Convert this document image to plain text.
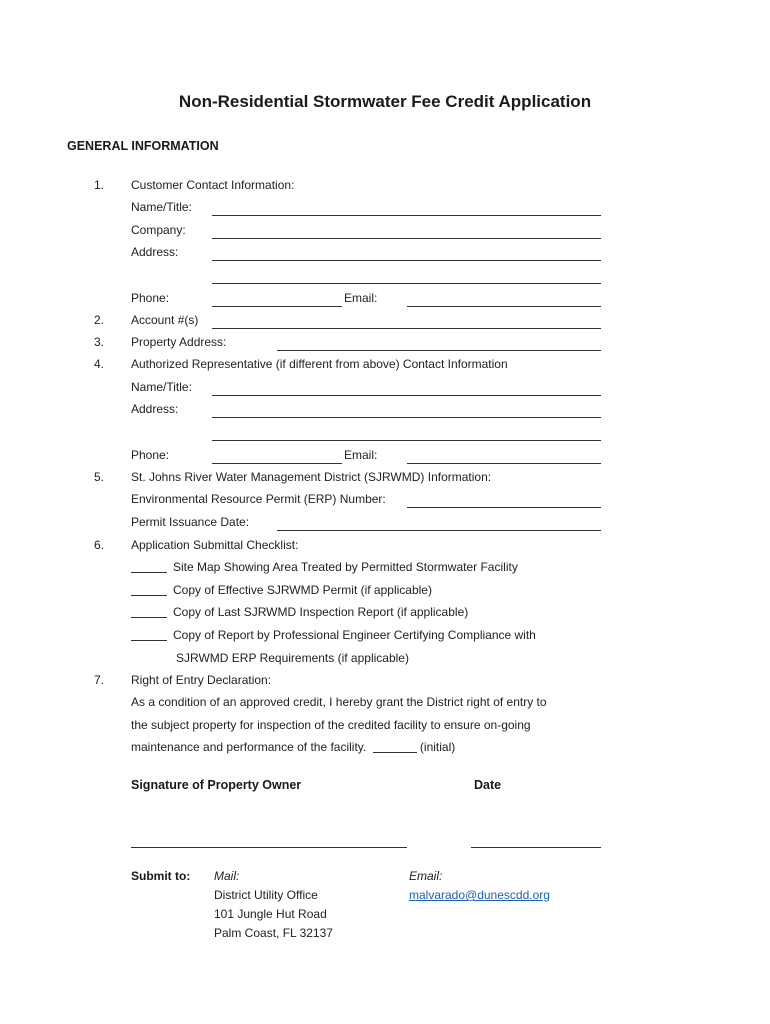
Non-Residential Stormwater Fee Credit Application
GENERAL INFORMATION
1. Customer Contact Information:
Name/Title:
Company:
Address:
Phone:	Email:
2. Account #(s)
3. Property Address:
4. Authorized Representative (if different from above) Contact Information
Name/Title:
Address:
Phone:	Email:
5. St. Johns River Water Management District (SJRWMD) Information:
Environmental Resource Permit (ERP) Number:
Permit Issuance Date:
6. Application Submittal Checklist:
Site Map Showing Area Treated by Permitted Stormwater Facility
Copy of Effective SJRWMD Permit (if applicable)
Copy of Last SJRWMD Inspection Report (if applicable)
Copy of Report by Professional Engineer Certifying Compliance with
SJRWMD ERP Requirements (if applicable)
7. Right of Entry Declaration:
As a condition of an approved credit, I hereby grant the District right of entry to
the subject property for inspection of the credited facility to ensure on-going
maintenance and performance of the facility.	(initial)
Signature of Property Owner	Date
Submit to: Mail:
District Utility Office
101 Jungle Hut Road
Palm Coast, FL 32137
Email:
malvarado@dunescdd.org
